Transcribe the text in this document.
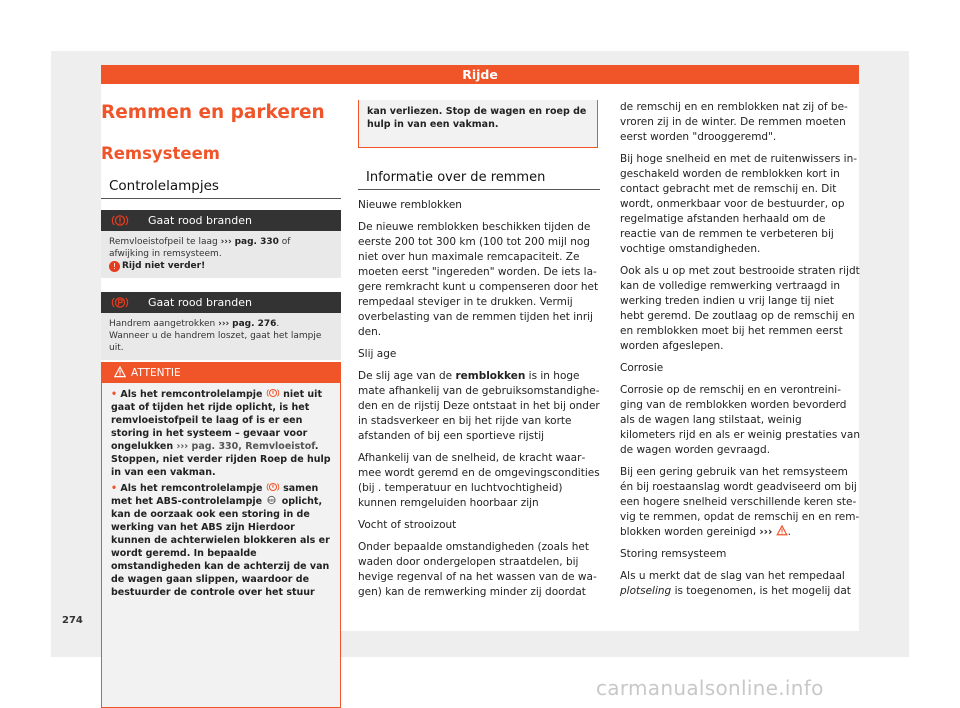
Rijde
Remmen en parkeren
Remsysteem
Controlelampjes
Gaat rood branden
Remvloeistofpeil te laag ››› pag. 330 of afwijking in remsysteem.
! Rijd niet verder!
Gaat rood branden
Handrem aangetrokken ››› pag. 276.
Wanneer u de handrem loszet, gaat het lampje uit.
ATTENTIE

• Als het remcontrolelampje niet uit gaat of tijden het rijde oplicht, is het remvloeistofpeil te laag of is er een storing in het systeem – gevaar voor ongelukken ››› pag. 330, Remvloeistof. Stoppen, niet verder rijden Roep de hulp in van een vakman.

• Als het remcontrolelampje samen met het ABS-controlelampje ABS oplicht, kan de oorzaak ook een storing in de werking van het ABS zijn Hierdoor kunnen de achterwielen blokkeren als er wordt geremd. In bepaalde omstandigheden kan de achterzij de van de wagen gaan slippen, waardoor de bestuurder de controle over het stuur

kan verliezen. Stop de wagen en roep de hulp in van een vakman.
Informatie over de remmen

Nieuwe remblokken

De nieuwe remblokken beschikken tijden de eerste 200 tot 300 km (100 tot 200 mijl nog niet over hun maximale remcapaciteit. Ze moeten eerst "ingereden" worden. De iets lagere remkracht kunt u compenseren door het rempedaal steviger in te drukken. Vermij overbelasting van de remmen tijden het inrij den.

Slij age

De slij age van de remblokken is in hoge mate afhankelij van de gebruiksomstandigheden en de rijstij Deze ontstaat in het bij onder in stadsverkeer en bij het rijde van korte afstanden of bij een sportieve rijstij

Afhankelij van de snelheid, de kracht waarmee wordt geremd en de omgevingscondities (bij . temperatuur en luchtvochtigheid) kunnen remgeluiden hoorbaar zijn

Vocht of strooizout

Onder bepaalde omstandigheden (zoals het waden door ondergelopen straatdelen, bij hevige regenval of na het wassen van de wagen) kan de remwerking minder zij doordat

de remschij en en remblokken nat zij of bevroren zij in de winter. De remmen moeten eerst worden "drooggeremd".

Bij hoge snelheid en met de ruitenwissers ingeschakeld worden de remblokken kort in contact gebracht met de remschij en. Dit wordt, onmerkbaar voor de bestuurder, op regelmatige afstanden herhaald om de reactie van de remmen te verbeteren bij vochtige omstandigheden.

Ook als u op met zout bestrooide straten rijdt kan de volledige remwerking vertraagd in werking treden indien u vrij lange tij niet hebt geremd. De zoutlaag op de remschij en en remblokken moet bij het remmen eerst worden afgeslepen.

Corrosie

Corrosie op de remschij en en verontreiniging van de remblokken worden bevorderd als de wagen lang stilstaat, weinig kilometers rijd en als er weinig prestaties van de wagen worden gevraagd.

Bij een gering gebruik van het remsysteem én bij roestaanslag wordt geadviseerd om bij een hogere snelheid verschillende keren stevig te remmen, opdat de remschij en en remblokken worden gereinigd ››› .

Storing remsysteem

Als u merkt dat de slag van het rempedaal plotseling is toegenomen, is het mogelij dat

274
carmanualsonline.info
